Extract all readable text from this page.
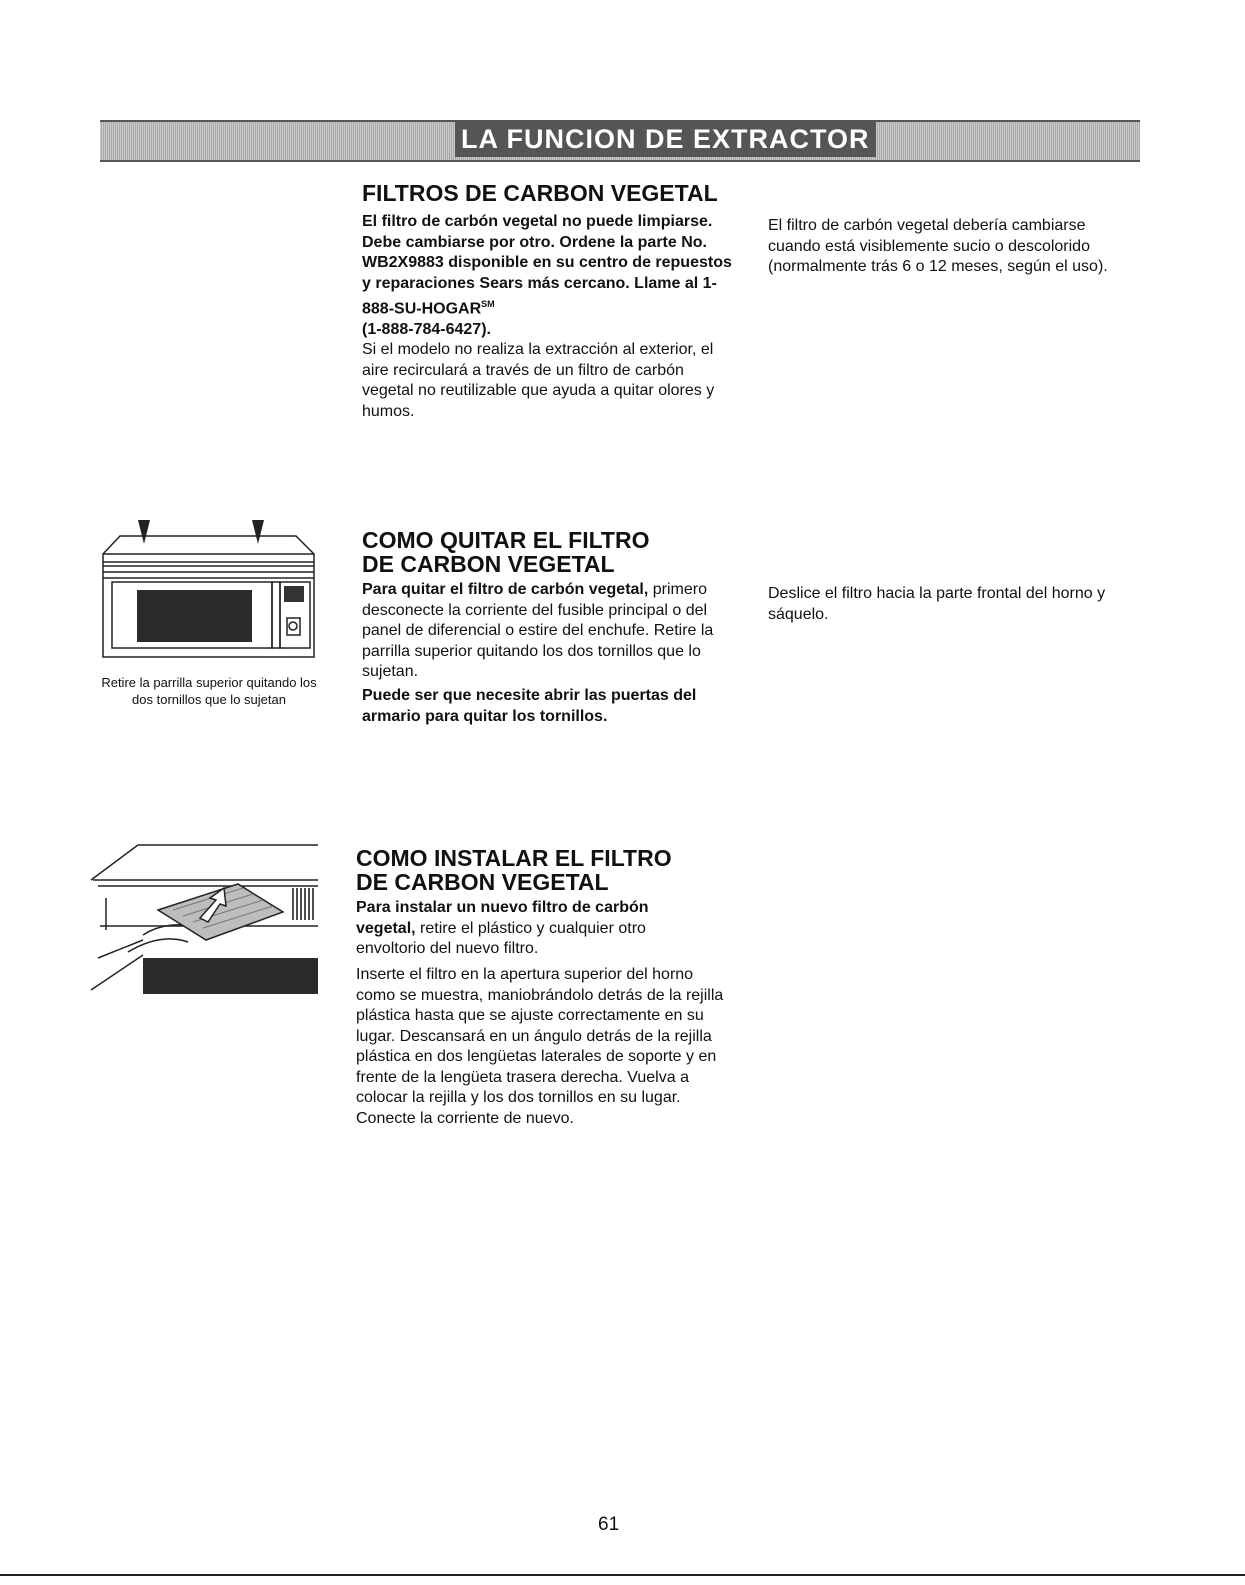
LA FUNCION DE EXTRACTOR
FILTROS DE CARBON VEGETAL

El filtro de carbón vegetal no puede limpiarse. Debe cambiarse por otro. Ordene la parte No. WB2X9883 disponible en su centro de repuestos y reparaciones Sears más cercano. Llame al 1-888-SU-HOGAR℠
(1-888-784-6427).

Si el modelo no realiza la extracción al exterior, el aire recirculará a través de un filtro de carbón vegetal no reutilizable que ayuda a quitar olores y humos.

El filtro de carbón vegetal debería cambiarse cuando está visiblemente sucio o descolorido (normalmente trás 6 o 12 meses, según el uso).

Retire la parrilla superior quitando los dos tornillos que lo sujetan
COMO QUITAR EL FILTRO
DE CARBON VEGETAL

Para quitar el filtro de carbón vegetal, primero desconecte la corriente del fusible principal o del panel de diferencial o estire del enchufe. Retire la parrilla superior quitando los dos tornillos que lo sujetan.

Puede ser que necesite abrir las puertas del armario para quitar los tornillos.

Deslice el filtro hacia la parte frontal del horno y sáquelo.

COMO INSTALAR EL FILTRO
DE CARBON VEGETAL

Para instalar un nuevo filtro de carbón vegetal, retire el plástico y cualquier otro envoltorio del nuevo filtro.

Inserte el filtro en la apertura superior del horno como se muestra, maniobrándolo detrás de la rejilla plástica hasta que se ajuste correctamente en su lugar. Descansará en un ángulo detrás de la rejilla plástica en dos lengüetas laterales de soporte y en frente de la lengüeta trasera derecha. Vuelva a colocar la rejilla y los dos tornillos en su lugar. Conecte la corriente de nuevo.

61
